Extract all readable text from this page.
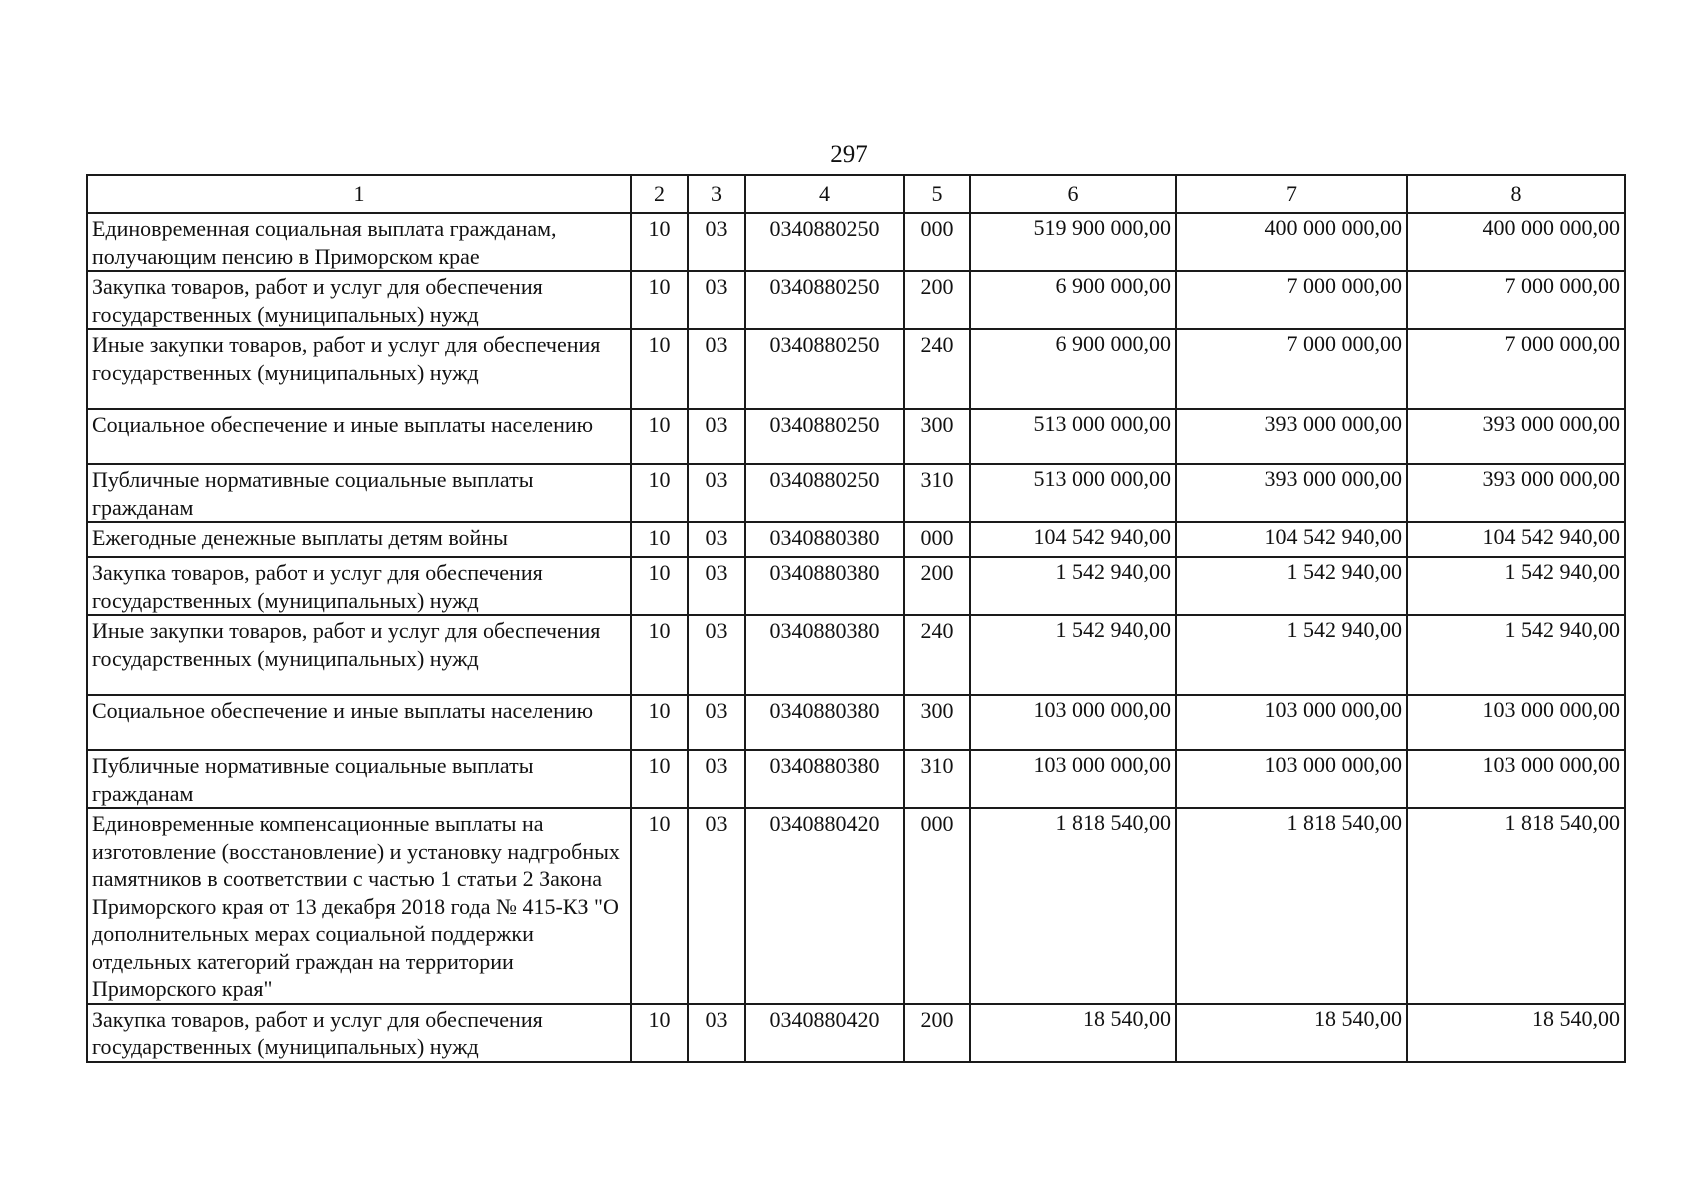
297
1	2	3	4	5	6	7	8
Единовременная социальная выплата гражданам, получающим пенсию в Приморском крае	10	03	0340880250	000	519 900 000,00	400 000 000,00	400 000 000,00
Закупка товаров, работ и услуг для обеспечения государственных (муниципальных) нужд	10	03	0340880250	200	6 900 000,00	7 000 000,00	7 000 000,00
Иные закупки товаров, работ и услуг для обеспечения государственных (муниципальных) нужд	10	03	0340880250	240	6 900 000,00	7 000 000,00	7 000 000,00
Социальное обеспечение и иные выплаты населению	10	03	0340880250	300	513 000 000,00	393 000 000,00	393 000 000,00
Публичные нормативные социальные выплаты гражданам	10	03	0340880250	310	513 000 000,00	393 000 000,00	393 000 000,00
Ежегодные денежные выплаты детям войны	10	03	0340880380	000	104 542 940,00	104 542 940,00	104 542 940,00
Закупка товаров, работ и услуг для обеспечения государственных (муниципальных) нужд	10	03	0340880380	200	1 542 940,00	1 542 940,00	1 542 940,00
Иные закупки товаров, работ и услуг для обеспечения государственных (муниципальных) нужд	10	03	0340880380	240	1 542 940,00	1 542 940,00	1 542 940,00
Социальное обеспечение и иные выплаты населению	10	03	0340880380	300	103 000 000,00	103 000 000,00	103 000 000,00
Публичные нормативные социальные выплаты гражданам	10	03	0340880380	310	103 000 000,00	103 000 000,00	103 000 000,00
Единовременные компенсационные выплаты на изготовление (восстановление) и установку надгробных памятников в соответствии с частью 1 статьи 2 Закона Приморского края от 13 декабря 2018 года № 415-КЗ "О дополнительных мерах социальной поддержки отдельных категорий граждан на территории Приморского края"	10	03	0340880420	000	1 818 540,00	1 818 540,00	1 818 540,00
Закупка товаров, работ и услуг для обеспечения государственных (муниципальных) нужд	10	03	0340880420	200	18 540,00	18 540,00	18 540,00
